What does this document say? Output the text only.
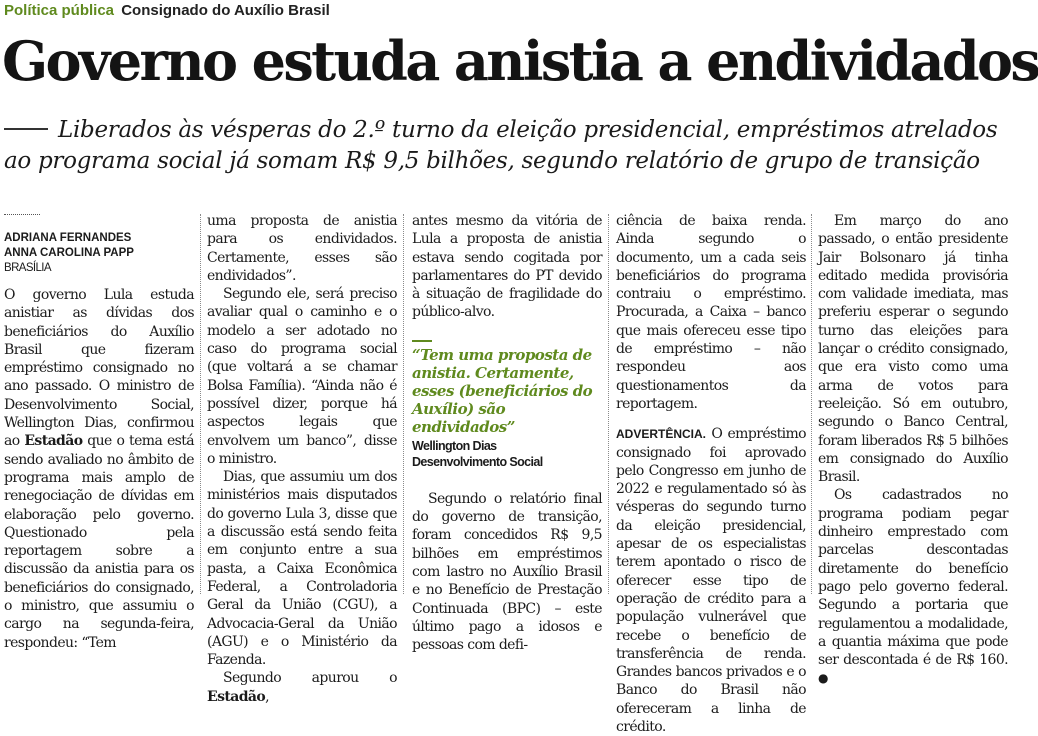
Política pública Consignado do Auxílio Brasil
Governo estuda anistia a endividados

Liberados às vésperas do 2.º turno da eleição presidencial, empréstimos atrelados ao programa social já somam R$ 9,5 bilhões, segundo relatório de grupo de transição

ADRIANA FERNANDES
ANNA CAROLINA PAPP
BRASÍLIA

O governo Lula estuda anistiar as dívidas dos beneficiários do Auxílio Brasil que fizeram empréstimo consignado no ano passado. O ministro de Desenvolvimento Social, Wellington Dias, confirmou ao Estadão que o tema está sendo avaliado no âmbito de programa mais amplo de renegociação de dívidas em elaboração pelo governo. Questionado pela reportagem sobre a discussão da anistia para os beneficiários do consignado, o ministro, que assumiu o cargo na segunda-feira, respondeu: “Tem

uma proposta de anistia para os endividados. Certamente, esses são endividados”.

Segundo ele, será preciso avaliar qual o caminho e o modelo a ser adotado no caso do programa social (que voltará a se chamar Bolsa Família). “Ainda não é possível dizer, porque há aspectos legais que envolvem um banco”, disse o ministro.

Dias, que assumiu um dos ministérios mais disputados do governo Lula 3, disse que a discussão está sendo feita em conjunto entre a sua pasta, a Caixa Econômica Federal, a Controladoria Geral da União (CGU), a Advocacia-Geral da União (AGU) e o Ministério da Fazenda.

Segundo apurou o Estadão,

antes mesmo da vitória de Lula a proposta de anistia estava sendo cogitada por parlamentares do PT devido à situação de fragilidade do público-alvo.

“Tem uma proposta de anistia. Certamente, esses (beneficiários do Auxílio) são endividados”
Wellington Dias
Desenvolvimento Social

Segundo o relatório final do governo de transição, foram concedidos R$ 9,5 bilhões em empréstimos com lastro no Auxílio Brasil e no Benefício de Prestação Continuada (BPC) – este último pago a idosos e pessoas com defi-

ciência de baixa renda. Ainda segundo o documento, um a cada seis beneficiários do programa contraiu o empréstimo. Procurada, a Caixa – banco que mais ofereceu esse tipo de empréstimo – não respondeu aos questionamentos da reportagem.

ADVERTÊNCIA. O empréstimo consignado foi aprovado pelo Congresso em junho de 2022 e regulamentado só às vésperas do segundo turno da eleição presidencial, apesar de os especialistas terem apontado o risco de oferecer esse tipo de operação de crédito para a população vulnerável que recebe o benefício de transferência de renda. Grandes bancos privados e o Banco do Brasil não ofereceram a linha de crédito.

Em março do ano passado, o então presidente Jair Bolsonaro já tinha editado medida provisória com validade imediata, mas preferiu esperar o segundo turno das eleições para lançar o crédito consignado, que era visto como uma arma de votos para reeleição. Só em outubro, segundo o Banco Central, foram liberados R$ 5 bilhões em consignado do Auxílio Brasil.

Os cadastrados no programa podiam pegar dinheiro emprestado com parcelas descontadas diretamente do benefício pago pelo governo federal. Segundo a portaria que regulamentou a modalidade, a quantia máxima que pode ser descontada é de R$ 160. ●
